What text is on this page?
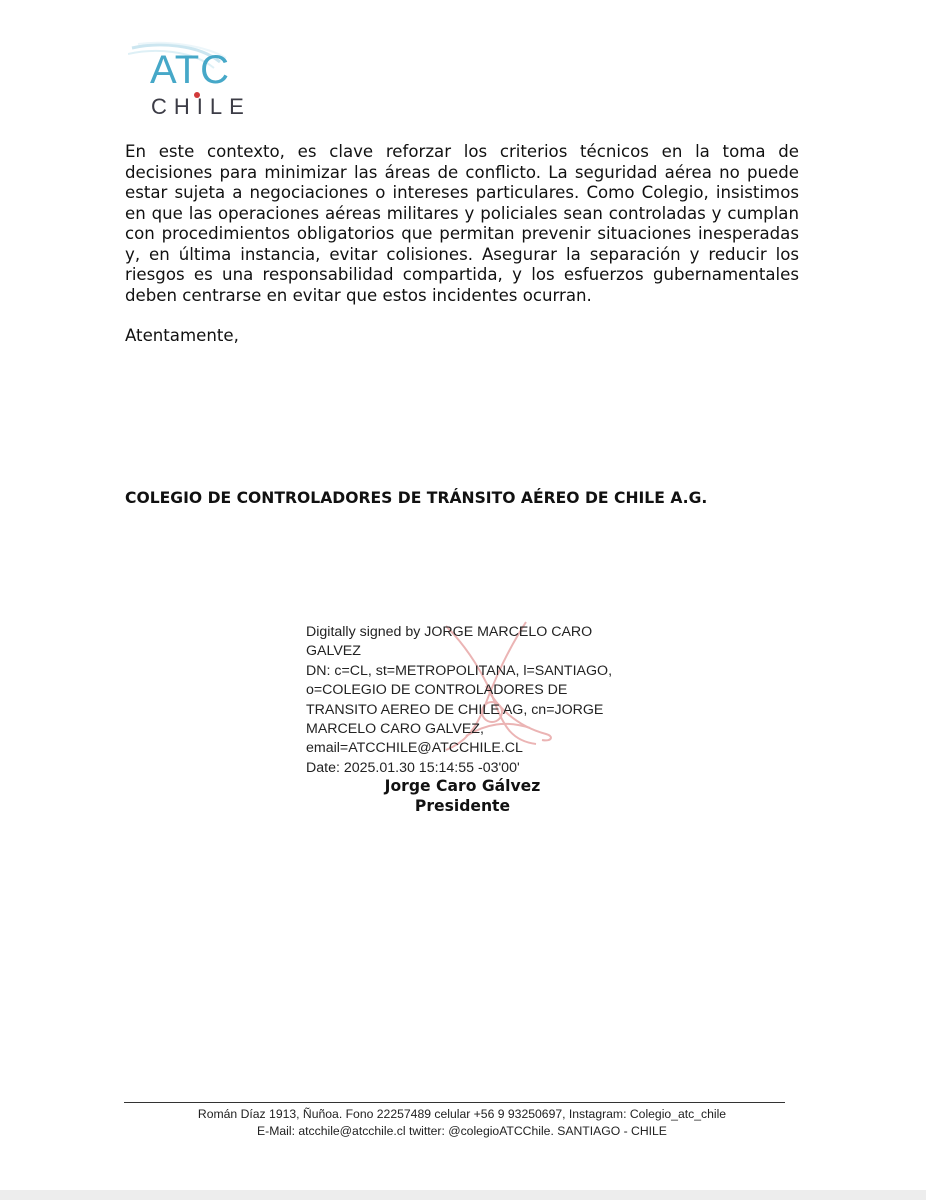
ATC
CHILE

En este contexto, es clave reforzar los criterios técnicos en la toma de decisiones para minimizar las áreas de conflicto. La seguridad aérea no puede estar sujeta a negociaciones o intereses particulares. Como Colegio, insistimos en que las operaciones aéreas militares y policiales sean controladas y cumplan con procedimientos obligatorios que permitan prevenir situaciones inesperadas y, en última instancia, evitar colisiones. Asegurar la separación y reducir los riesgos es una responsabilidad compartida, y los esfuerzos gubernamentales deben centrarse en evitar que estos incidentes ocurran.

Atentamente,

COLEGIO DE CONTROLADORES DE TRÁNSITO AÉREO DE CHILE A.G.

Digitally signed by JORGE MARCELO CARO
GALVEZ
DN: c=CL, st=METROPOLITANA, l=SANTIAGO,
o=COLEGIO DE CONTROLADORES DE
TRANSITO AEREO DE CHILE AG, cn=JORGE
MARCELO CARO GALVEZ,
email=ATCCHILE@ATCCHILE.CL
Date: 2025.01.30 15:14:55 -03'00'
Jorge Caro Gálvez
Presidente
Román Díaz 1913, Ñuñoa. Fono 22257489 celular +56 9 93250697, Instagram: Colegio_atc_chile
E-Mail: atcchile@atcchile.cl twitter: @colegioATCChile. SANTIAGO - CHILE
